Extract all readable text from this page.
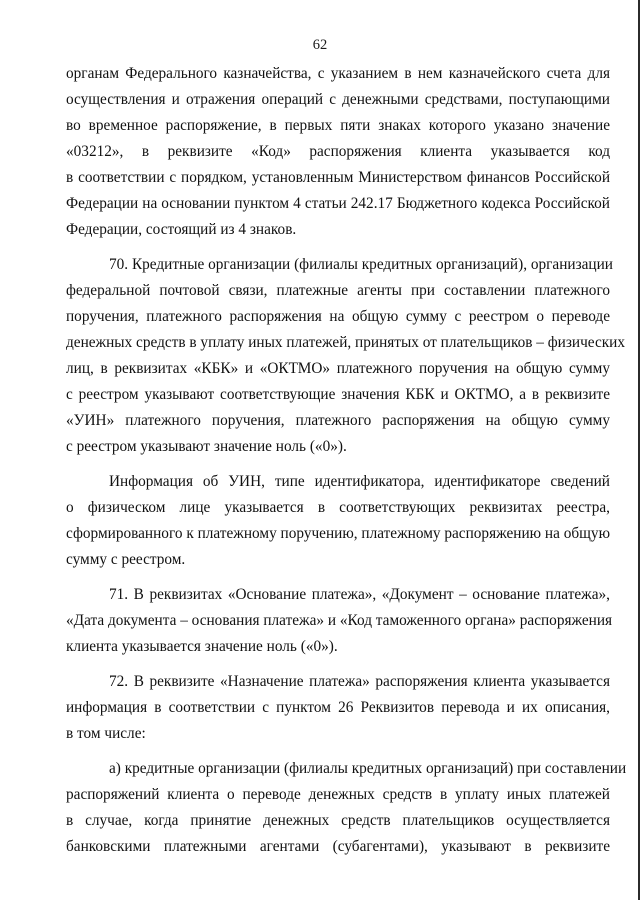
62
органам Федерального казначейства, с указанием в нем казначейского счета для
осуществления и отражения операций с денежными средствами, поступающими
во временное распоряжение, в первых пяти знаках которого указано значение
«03212», в реквизите «Код» распоряжения клиента указывается код
в соответствии с порядком, установленным Министерством финансов Российской
Федерации на основании пунктом 4 статьи 242.17 Бюджетного кодекса Российской
Федерации, состоящий из 4 знаков.
70. Кредитные организации (филиалы кредитных организаций), организации
федеральной почтовой связи, платежные агенты при составлении платежного
поручения, платежного распоряжения на общую сумму с реестром о переводе
денежных средств в уплату иных платежей, принятых от плательщиков – физических
лиц, в реквизитах «КБК» и «ОКТМО» платежного поручения на общую сумму
с реестром указывают соответствующие значения КБК и ОКТМО, а в реквизите
«УИН» платежного поручения, платежного распоряжения на общую сумму
с реестром указывают значение ноль («0»).
Информация об УИН, типе идентификатора, идентификаторе сведений
о физическом лице указывается в соответствующих реквизитах реестра,
сформированного к платежному поручению, платежному распоряжению на общую
сумму с реестром.
71. В реквизитах «Основание платежа», «Документ – основание платежа»,
«Дата документа – основания платежа» и «Код таможенного органа» распоряжения
клиента указывается значение ноль («0»).
72. В реквизите «Назначение платежа» распоряжения клиента указывается
информация в соответствии с пунктом 26 Реквизитов перевода и их описания,
в том числе:
а) кредитные организации (филиалы кредитных организаций) при составлении
распоряжений клиента о переводе денежных средств в уплату иных платежей
в случае, когда принятие денежных средств плательщиков осуществляется
банковскими платежными агентами (субагентами), указывают в реквизите
